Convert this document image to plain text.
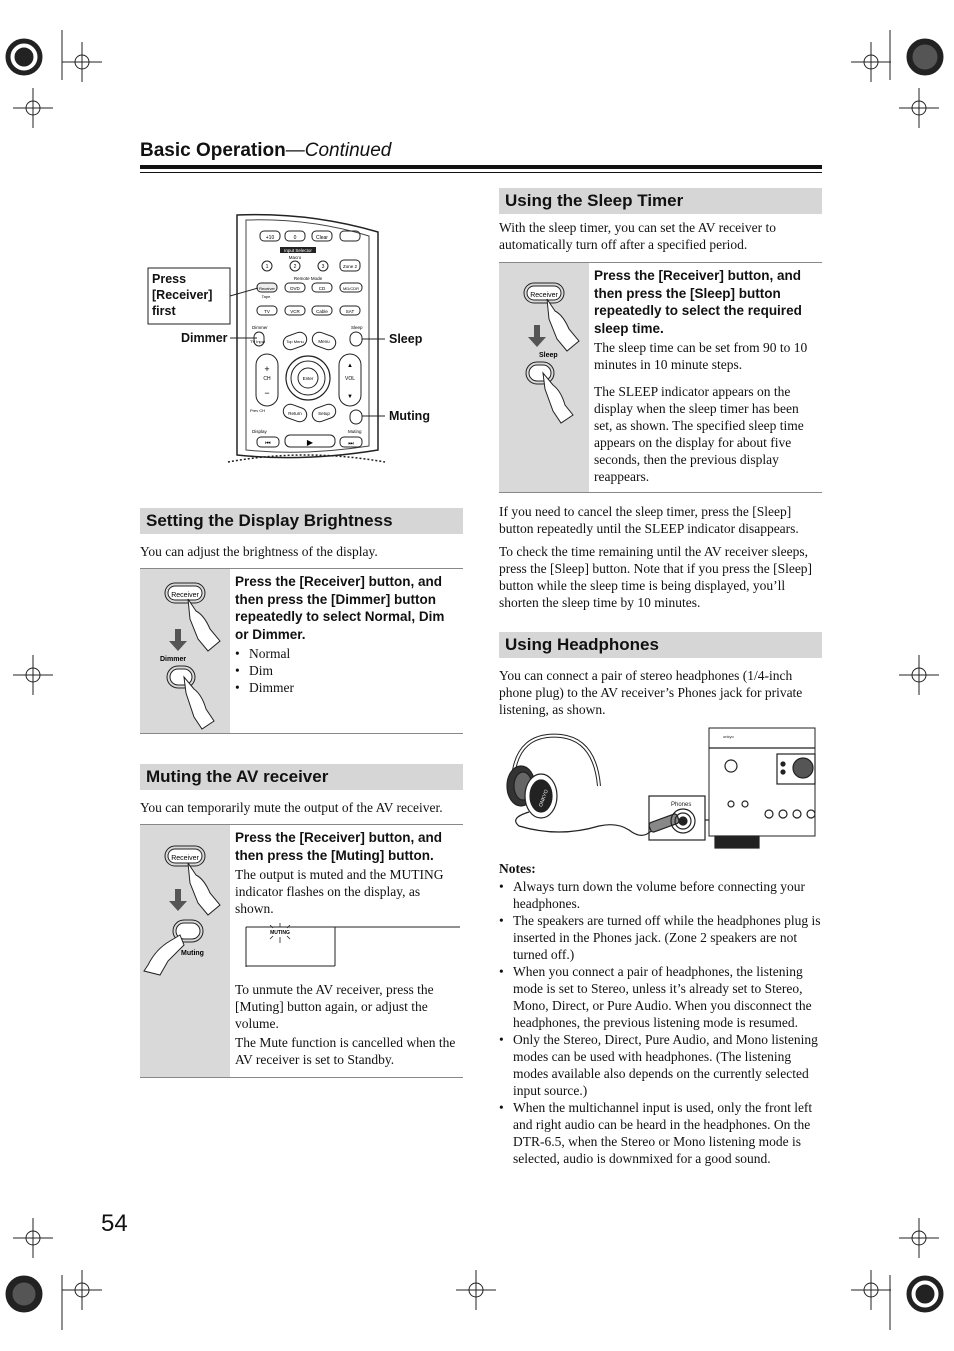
Basic Operation—Continued
+10	0	Clear
Input Selector
Macro
1	2	3	Zone 2
Remote Mode
Receiver	DVD	CD	MD/CDR
Tape
TV	VCR	Cable	SAT
Dimmer	Sleep
TV Input	Top Menu	Menu
Enter
+
CH
−
▲
VOL
▼
Prev CH
Return	Setup
Display	Muting
⏮	▶	⏭
Press [Receiver] first
Dimmer	Sleep
Muting
Setting the Display Brightness
You can adjust the brightness of the display.
Receiver
Dimmer
Press the [Receiver] button, and then press the [Dimmer] button repeatedly to select Normal, Dim or Dimmer.
• Normal
• Dim
• Dimmer
Muting the AV receiver
You can temporarily mute the output of the AV receiver.
Receiver
Muting
Press the [Receiver] button, and then press the [Muting] button.

The output is muted and the MUTING indicator flashes on the display, as shown.

MUTING

To unmute the AV receiver, press the [Muting] button again, or adjust the volume.

The Mute function is cancelled when the AV receiver is set to Standby.

Using the Sleep Timer
With the sleep timer, you can set the AV receiver to automatically turn off after a specified period.
Receiver
Sleep
Press the [Receiver] button, and then press the [Sleep] button repeatedly to select the required sleep time.

The sleep time can be set from 90 to 10 minutes in 10 minute steps.

The SLEEP indicator appears on the display when the sleep timer has been set, as shown. The specified sleep time appears on the display for about five seconds, then the previous display reappears.

If you need to cancel the sleep timer, press the [Sleep] button repeatedly until the SLEEP indicator disappears.
To check the time remaining until the AV receiver sleeps, press the [Sleep] button. Note that if you press the [Sleep] button while the sleep time is being displayed, you’ll shorten the sleep time by 10 minutes.
Using Headphones
You can connect a pair of stereo headphones (1/4-inch phone plug) to the AV receiver’s Phones jack for private listening, as shown.
ONKYO	Phones
onkyo
Notes:
• Always turn down the volume before connecting your headphones.
• The speakers are turned off while the headphones plug is inserted in the Phones jack. (Zone 2 speakers are not turned off.)
• When you connect a pair of headphones, the listening mode is set to Stereo, unless it’s already set to Stereo, Mono, Direct, or Pure Audio. When you disconnect the headphones, the previous listening mode is resumed.
• Only the Stereo, Direct, Pure Audio, and Mono listening modes can be used with headphones. (The listening modes available also depends on the currently selected input source.)
• When the multichannel input is used, only the front left and right audio can be heard in the headphones. On the DTR-6.5, when the Stereo or Mono listening mode is selected, audio is downmixed for a good sound.
54
